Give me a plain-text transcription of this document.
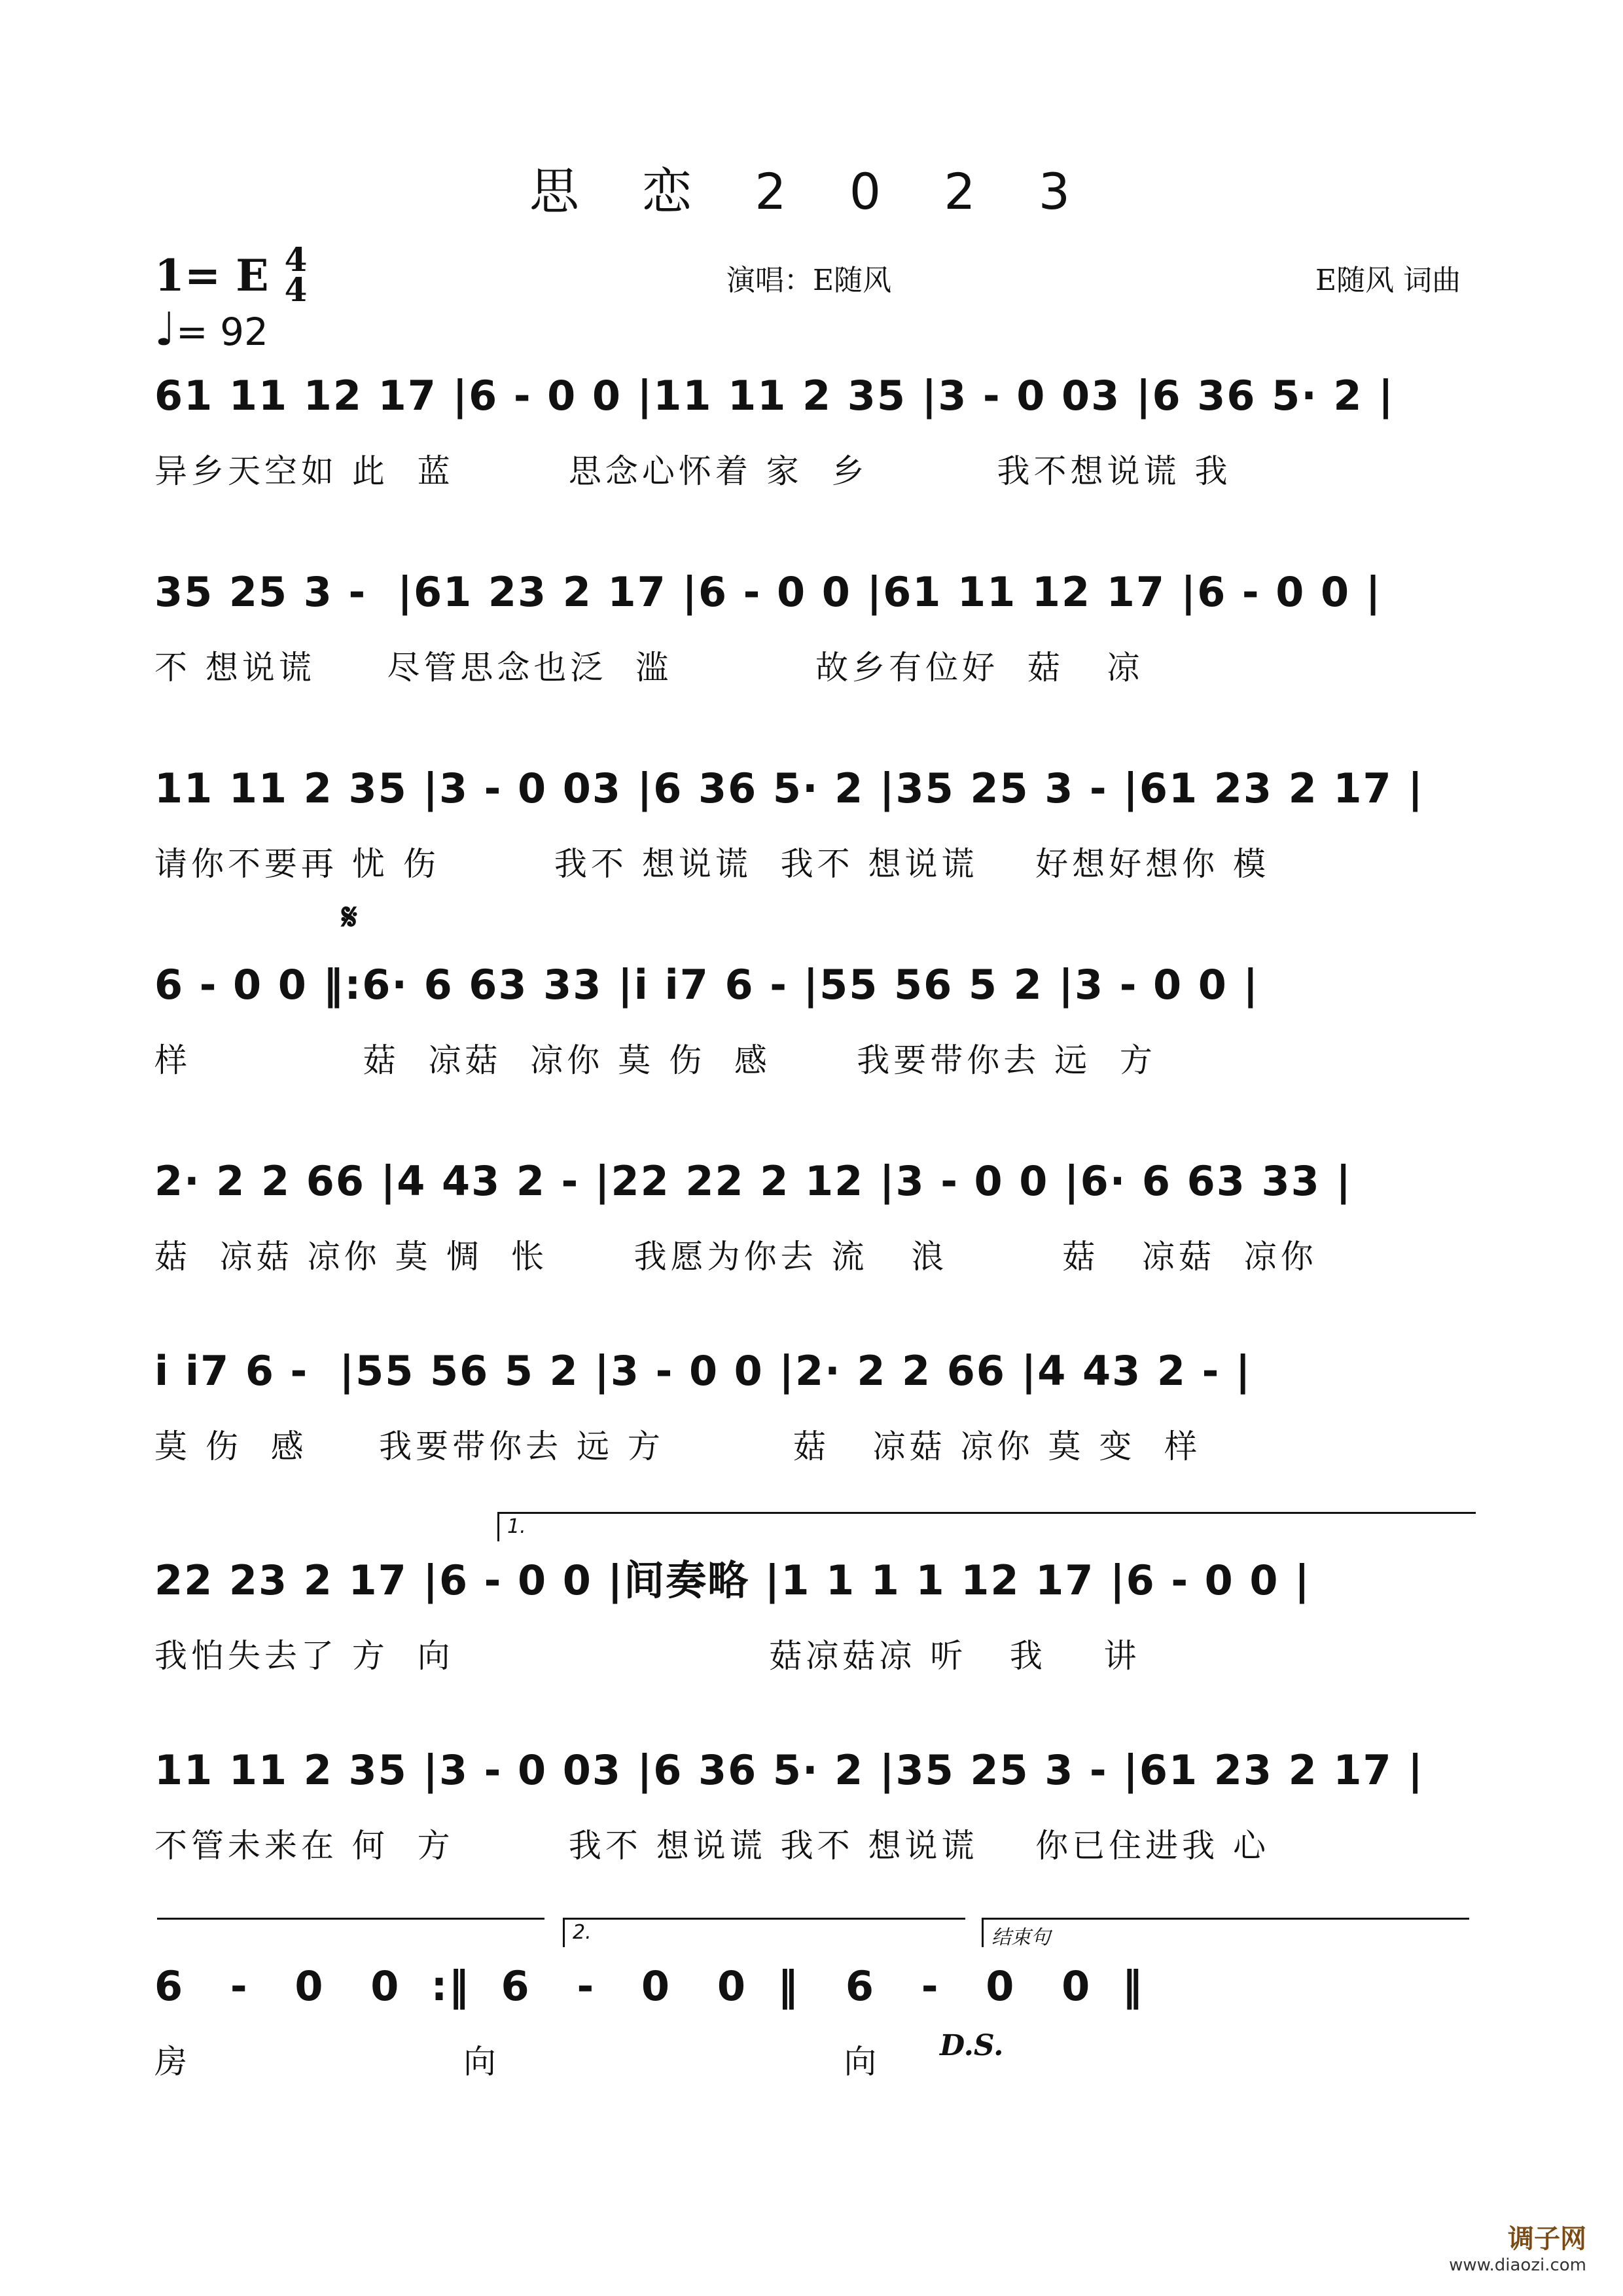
思 恋 2 0 2 3
1= E 4
4
♩= 92
演唱：E随风	E随风 词曲
61 11 12 17 |6 - 0 0 |11 11 2 35 |3 - 0 03 |6 36 5· 2 |
异乡天空如 此  蓝        思念心怀着 家  乡         我不想说谎 我
35 25 3 -  |61 23 2 17 |6 - 0 0 |61 11 12 17 |6 - 0 0 |
不 想说谎     尽管思念也泛  滥          故乡有位好  菇   凉
11 11 2 35 |3 - 0 03 |6 36 5· 2 |35 25 3 - |61 23 2 17 |
请你不要再 忧 伤        我不 想说谎  我不 想说谎    好想好想你 模
𝄋
6 - 0 0 ‖:6· 6 63 33 |i i7 6 - |55 56 5 2 |3 - 0 0 |
样            菇  凉菇  凉你 莫 伤  感      我要带你去 远  方
2· 2 2 66 |4 43 2 - |22 22 2 12 |3 - 0 0 |6· 6 63 33 |
菇  凉菇 凉你 莫 惆  怅      我愿为你去 流   浪        菇   凉菇  凉你
i i7 6 -  |55 56 5 2 |3 - 0 0 |2· 2 2 66 |4 43 2 - |
莫 伤  感     我要带你去 远 方         菇   凉菇 凉你 莫 变  样
1.
22 23 2 17 |6 - 0 0 |间奏略 |1 1 1 1 12 17 |6 - 0 0 |
我怕失去了 方  向                      菇凉菇凉 听   我    讲
11 11 2 35 |3 - 0 03 |6 36 5· 2 |35 25 3 - |61 23 2 17 |
不管未来在 何  方        我不 想说谎 我不 想说谎    你已住进我 心
2.	结束句
6   -   0   0  :‖  6   -   0   0  ‖   6   -   0   0  ‖
房                   向                        向	D.S.
调子网
www.diaozi.com
